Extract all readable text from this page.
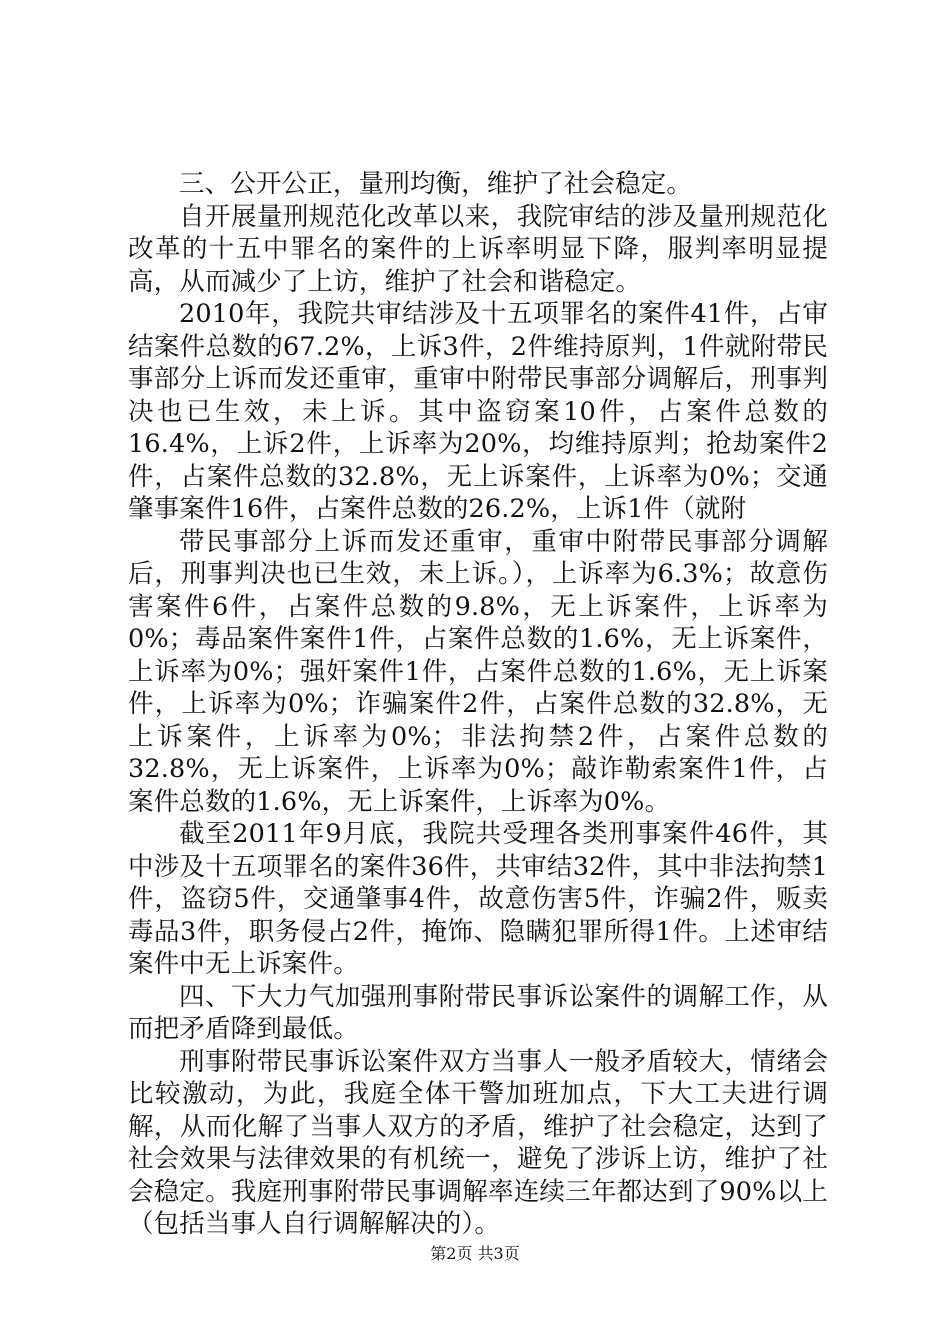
三、公开公正，量刑均衡，维护了社会稳定。

自开展量刑规范化改革以来，我院审结的涉及量刑规范化改革的十五中罪名的案件的上诉率明显下降，服判率明显提高，从而减少了上访，维护了社会和谐稳定。

2010年，我院共审结涉及十五项罪名的案件41件，占审结案件总数的67.2%，上诉3件，2件维持原判，1件就附带民事部分上诉而发还重审，重审中附带民事部分调解后，刑事判决也已生效，未上诉。其中盗窃案10件，占案件总数的16.4%，上诉2件，上诉率为20%，均维持原判；抢劫案件2件，占案件总数的32.8%，无上诉案件，上诉率为0%；交通肇事案件16件，占案件总数的26.2%，上诉1件（就附

带民事部分上诉而发还重审，重审中附带民事部分调解后，刑事判决也已生效，未上诉。），上诉率为6.3%；故意伤害案件6件，占案件总数的9.8%，无上诉案件，上诉率为0%；毒品案件案件1件，占案件总数的1.6%，无上诉案件，上诉率为0%；强奸案件1件，占案件总数的1.6%，无上诉案件，上诉率为0%；诈骗案件2件，占案件总数的32.8%，无上诉案件，上诉率为0%；非法拘禁2件，占案件总数的32.8%，无上诉案件，上诉率为0%；敲诈勒索案件1件，占案件总数的1.6%，无上诉案件，上诉率为0%。

截至2011年9月底，我院共受理各类刑事案件46件，其中涉及十五项罪名的案件36件，共审结32件，其中非法拘禁1件，盗窃5件，交通肇事4件，故意伤害5件，诈骗2件，贩卖毒品3件，职务侵占2件，掩饰、隐瞒犯罪所得1件。上述审结案件中无上诉案件。

四、下大力气加强刑事附带民事诉讼案件的调解工作，从而把矛盾降到最低。

刑事附带民事诉讼案件双方当事人一般矛盾较大，情绪会比较激动，为此，我庭全体干警加班加点，下大工夫进行调解，从而化解了当事人双方的矛盾，维护了社会稳定，达到了社会效果与法律效果的有机统一，避免了涉诉上访，维护了社会稳定。我庭刑事附带民事调解率连续三年都达到了90%以上（包括当事人自行调解解决的）。

第2页 共3页
